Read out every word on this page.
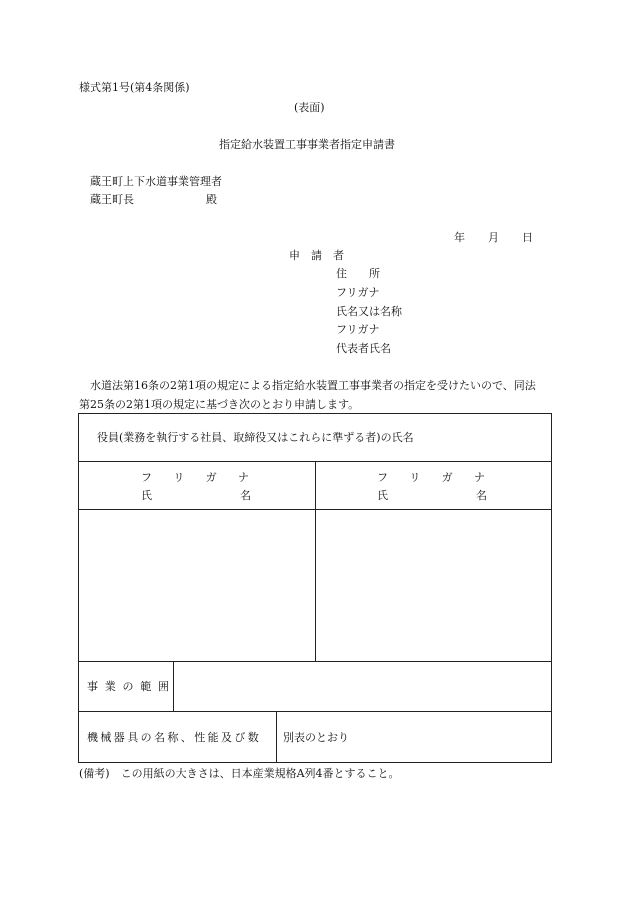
様式第1号(第4条関係)
(表面)
指定給水装置工事事業者指定申請書
蔵王町上下水道事業管理者
蔵王町長	殿
年 月 日
申　請　者
住　　所
フリガナ
氏名又は名称
フリガナ
代表者氏名
水道法第16条の2第1項の規定による指定給水装置工事事業者の指定を受けたいので、同法
第25条の2第1項の規定に基づき次のとおり申請します。
役員(業務を執行する社員、取締役又はこれらに準ずる者)の氏名
フ リ ガ ナ
氏	名
フ リ ガ ナ
氏	名
事 業 の 範 囲
機械器具の名称、性能及び数 別表のとおり
(備考)　この用紙の大きさは、日本産業規格A列4番とすること。
